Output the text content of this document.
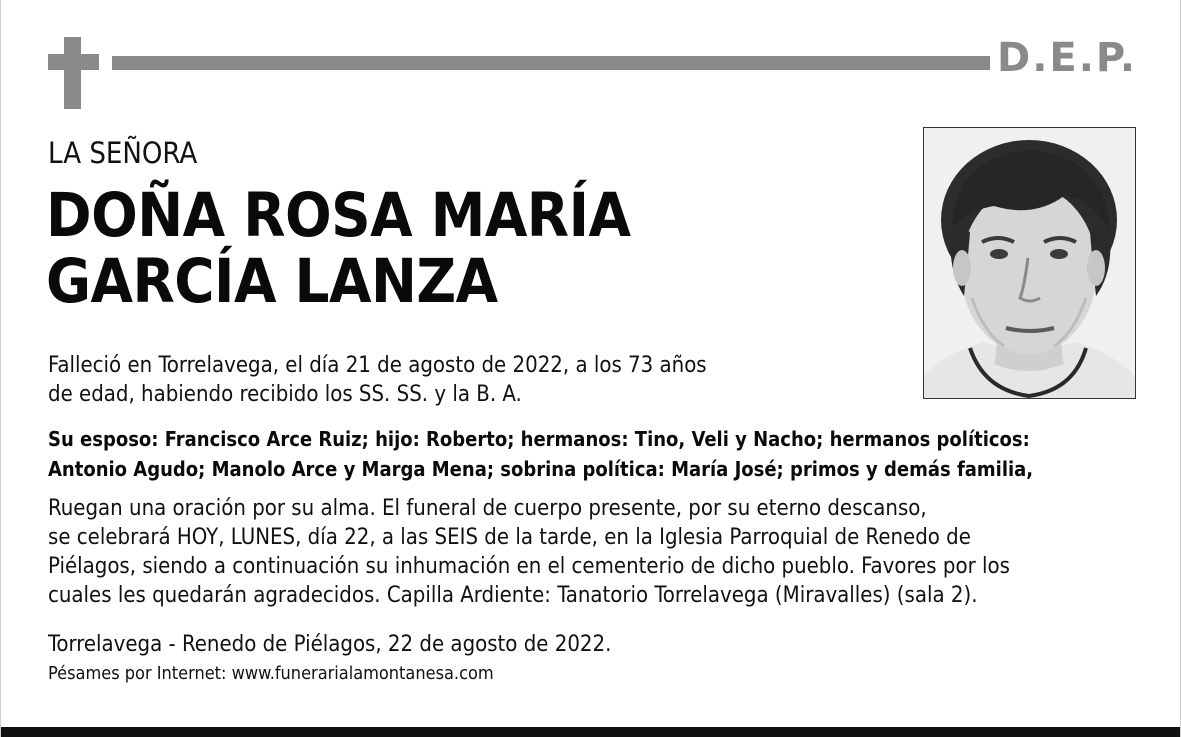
D.E.P.
LA SEÑORA
DOÑA ROSA MARÍA
GARCÍA LANZA
Falleció en Torrelavega, el día 21 de agosto de 2022, a los 73 años
de edad, habiendo recibido los SS. SS. y la B. A.
Su esposo: Francisco Arce Ruiz; hijo: Roberto; hermanos: Tino, Veli y Nacho; hermanos políticos:
Antonio Agudo; Manolo Arce y Marga Mena; sobrina política: María José; primos y demás familia,
Ruegan una oración por su alma. El funeral de cuerpo presente, por su eterno descanso,
se celebrará HOY, LUNES, día 22, a las SEIS de la tarde, en la Iglesia Parroquial de Renedo de
Piélagos, siendo a continuación su inhumación en el cementerio de dicho pueblo. Favores por los
cuales les quedarán agradecidos. Capilla Ardiente: Tanatorio Torrelavega (Miravalles) (sala 2).
Torrelavega - Renedo de Piélagos, 22 de agosto de 2022.
Pésames por Internet: www.funerarialamontanesa.com
